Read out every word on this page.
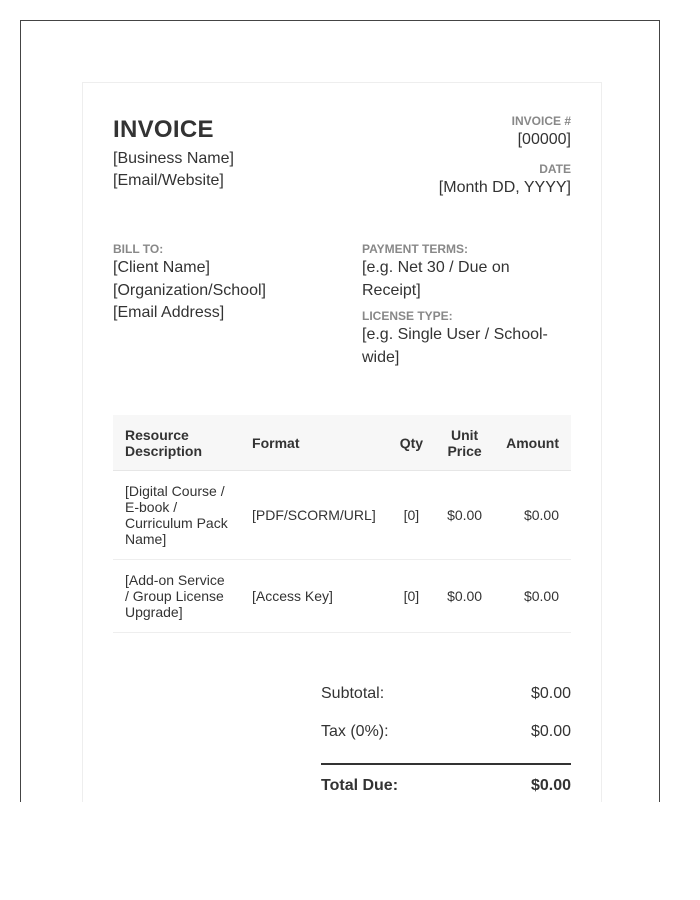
INVOICE
[Business Name]
[Email/Website]
INVOICE #
[00000]
DATE
[Month DD, YYYY]
BILL TO:
[Client Name]
[Organization/School]
[Email Address]
PAYMENT TERMS:
[e.g. Net 30 / Due on Receipt]
LICENSE TYPE:
[e.g. Single User / School-wide]
Resource Description	Format	Qty	Unit Price	Amount
[Digital Course / E-book / Curriculum Pack Name]	[PDF/SCORM/URL]	[0]	$0.00	$0.00
[Add-on Service / Group License Upgrade]	[Access Key]	[0]	$0.00	$0.00
Subtotal:	$0.00
Tax (0%):	$0.00
Total Due:	$0.00
